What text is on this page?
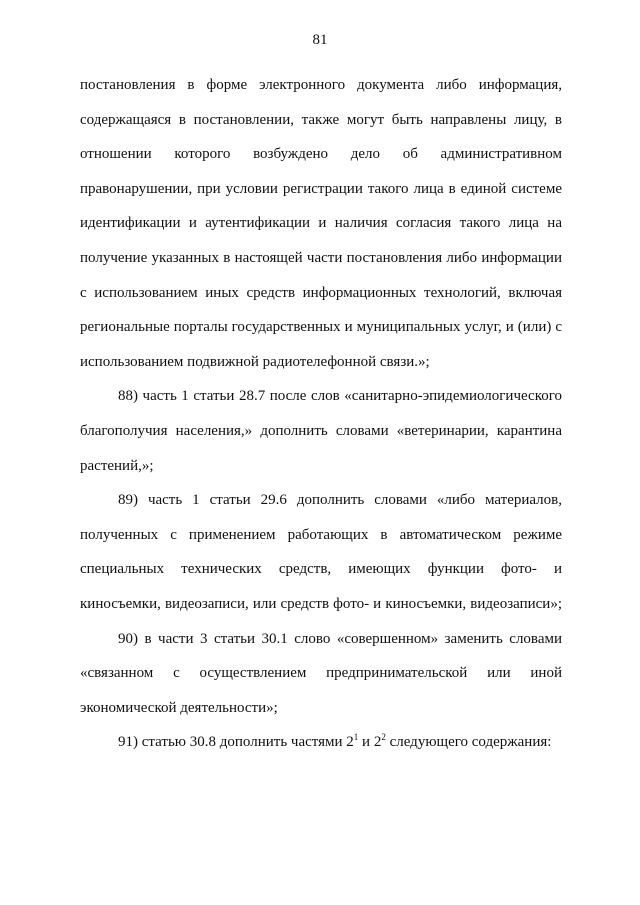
81
постановления в форме электронного документа либо информация,
содержащаяся в постановлении, также могут быть направлены лицу, в
отношении которого возбуждено дело об административном
правонарушении, при условии регистрации такого лица в единой системе
идентификации и аутентификации и наличия согласия такого лица на
получение указанных в настоящей части постановления либо информации
с использованием иных средств информационных технологий, включая
региональные порталы государственных и муниципальных услуг, и (или) с
использованием подвижной радиотелефонной связи.»;
88) часть 1 статьи 28.7 после слов «санитарно-эпидемиологического
благополучия населения,» дополнить словами «ветеринарии, карантина
растений,»;
89) часть 1 статьи 29.6 дополнить словами «либо материалов,
полученных с применением работающих в автоматическом режиме
специальных технических средств, имеющих функции фото- и
киносъемки, видеозаписи, или средств фото- и киносъемки, видеозаписи»;
90) в части 3 статьи 30.1 слово «совершенном» заменить словами
«связанном с осуществлением предпринимательской или иной
экономической деятельности»;
91) статью 30.8 дополнить частями $2^1$ и $2^2$ следующего содержания:
